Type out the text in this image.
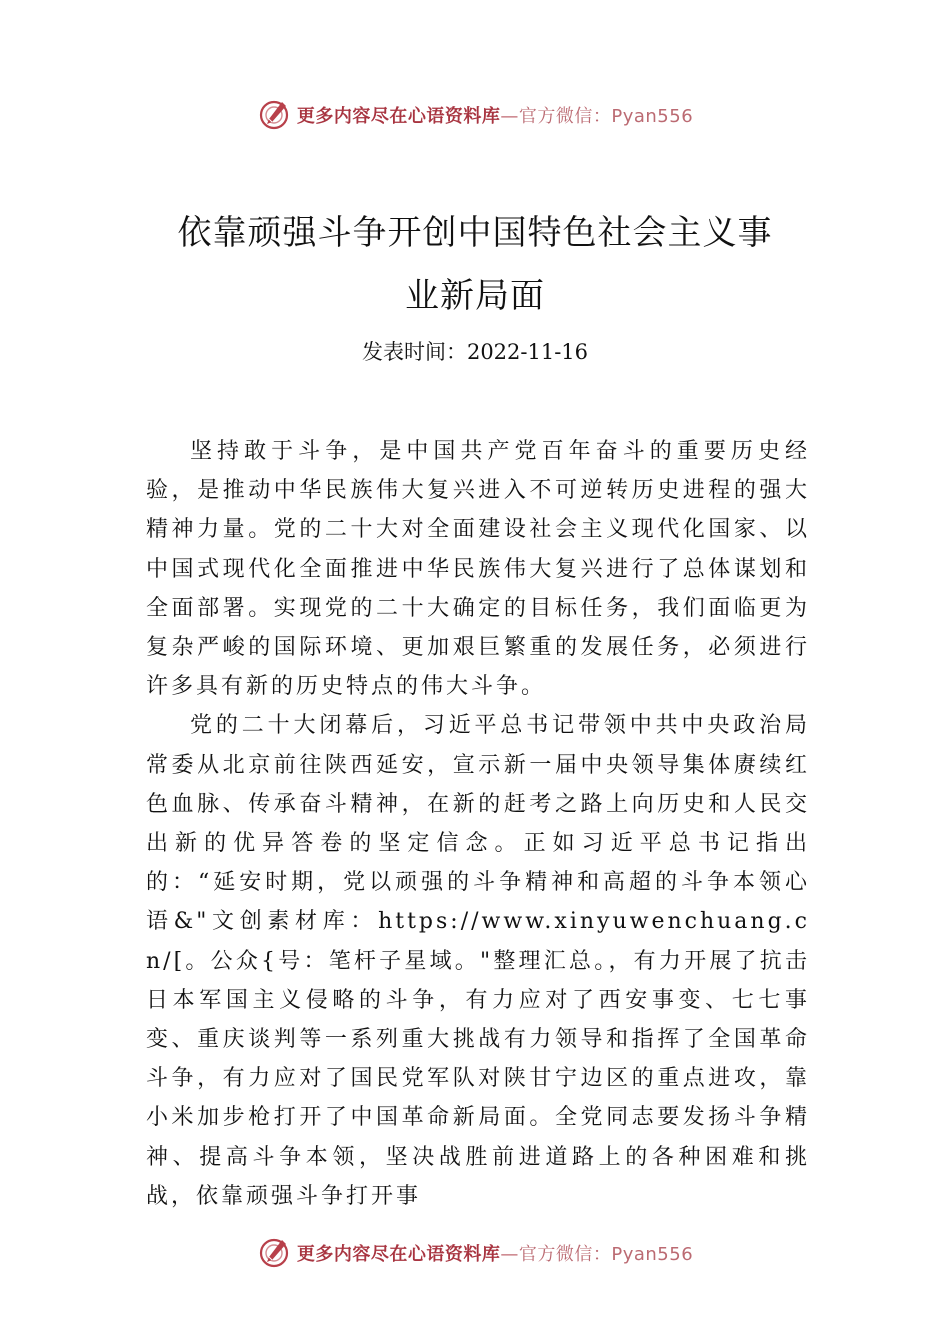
更多内容尽在心语资料库—官方微信：Pyan556
依靠顽强斗争开创中国特色社会主义事
业新局面

发表时间：2022-11-16

坚持敢于斗争，是中国共产党百年奋斗的重要历史经验，是推动中华民族伟大复兴进入不可逆转历史进程的强大精神力量。党的二十大对全面建设社会主义现代化国家、以中国式现代化全面推进中华民族伟大复兴进行了总体谋划和全面部署。实现党的二十大确定的目标任务，我们面临更为 复杂严峻的国际环境、更加艰巨繁重的发展任务，必须进行 许多具有新的历史特点的伟大斗争。

党的二十大闭幕后，习近平总书记带领中共中央政治局常委从北京前往陕西延安，宣示新一届中央领导集体赓续红色血脉、传承奋斗精神，在新的赶考之路上向历史和人民交出新的优异答卷的坚定信念。正如习近平总书记指出的：“延安时期，党以顽强的斗争精神和高超的斗争本领心语&"文创素材库：https://www.xinyuwenchuang.cn/[。公众{号：笔杆子星域。"整理汇总。，有力开展了抗击日本军国主义侵略的斗争，有力应对了西安事变、七七事变、重庆谈判等一系列重大挑战有力领导和指挥了全国革命斗争，有力应对了国民党军队对陕甘宁边区的重点进攻，靠小米加步枪打开了中国革命新局面。全党同志要发扬斗争精神、提高斗争本领，坚决战胜前进道路上的各种困难和挑战，依靠顽强斗争打开事

更多内容尽在心语资料库—官方微信：Pyan556
